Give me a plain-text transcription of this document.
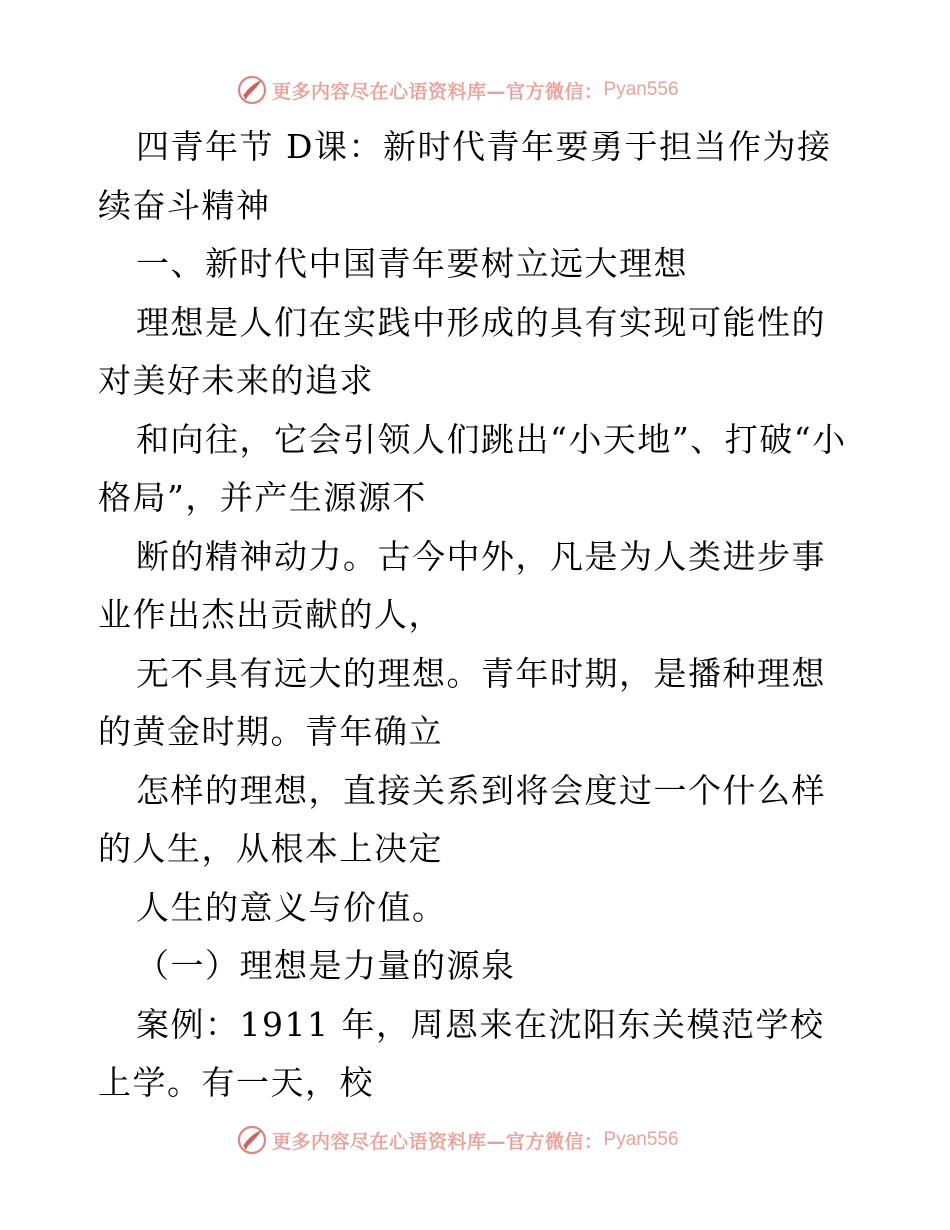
更多内容尽在心语资料库—官方微信： Pyan556

四青年节 D课：新时代青年要勇于担当作为接续奋斗精神

一、新时代中国青年要树立远大理想

理想是人们在实践中形成的具有实现可能性的对美好未来的追求

和向往，它会引领人们跳出“小天地”、打破“小格局”，并产生源源不

断的精神动力。古今中外，凡是为人类进步事业作出杰出贡献的人，

无不具有远大的理想。青年时期，是播种理想的黄金时期。青年确立

怎样的理想，直接关系到将会度过一个什么样的人生，从根本上决定

人生的意义与价值。

（一）理想是力量的源泉

案例：1911 年，周恩来在沈阳东关模范学校上学。有一天，校

更多内容尽在心语资料库—官方微信： Pyan556
